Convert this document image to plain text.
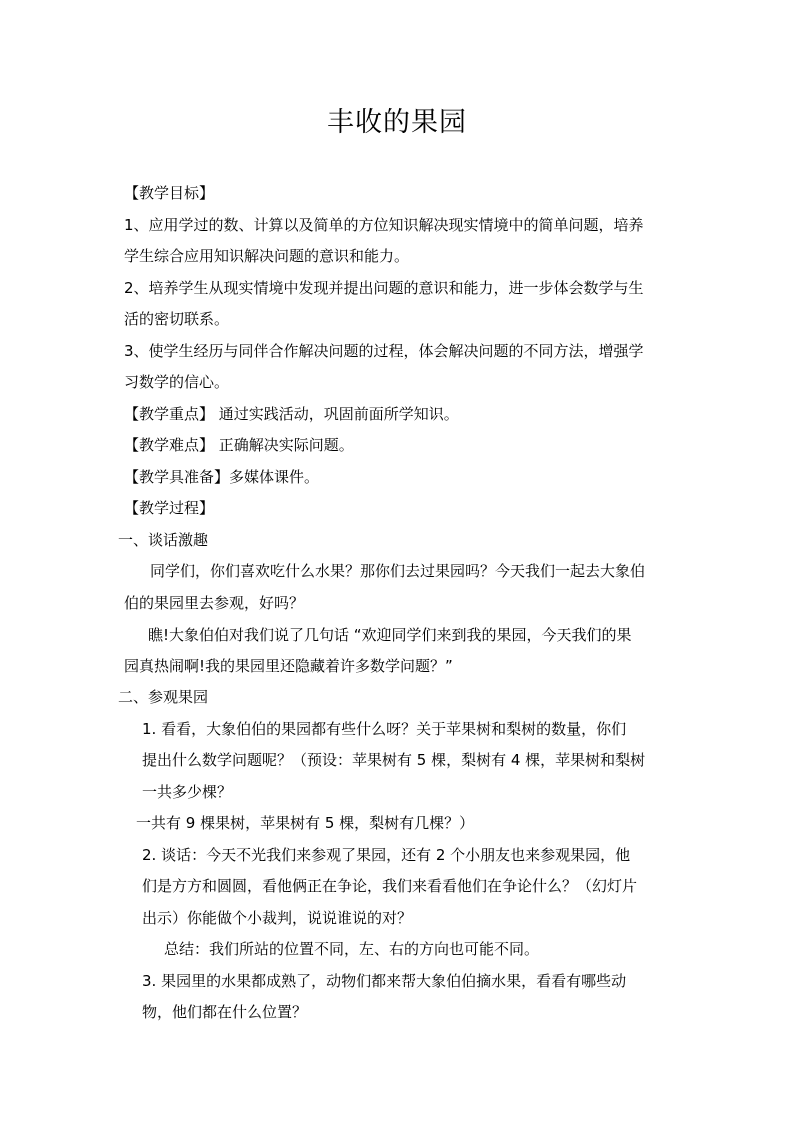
丰收的果园
【教学目标】
1、应用学过的数、计算以及简单的方位知识解决现实情境中的简单问题，培养
学生综合应用知识解决问题的意识和能力。
2、培养学生从现实情境中发现并提出问题的意识和能力，进一步体会数学与生
活的密切联系。
3、使学生经历与同伴合作解决问题的过程，体会解决问题的不同方法，增强学
习数学的信心。
【教学重点】 通过实践活动，巩固前面所学知识。
【教学难点】 正确解决实际问题。
【教学具准备】多媒体课件。
【教学过程】
一、谈话激趣
同学们，你们喜欢吃什么水果？那你们去过果园吗？今天我们一起去大象伯
伯的果园里去参观，好吗？
瞧!大象伯伯对我们说了几句话 “欢迎同学们来到我的果园，今天我们的果
园真热闹啊!我的果园里还隐藏着许多数学问题？”
二、参观果园
1. 看看，大象伯伯的果园都有些什么呀？关于苹果树和梨树的数量，你们
提出什么数学问题呢？（预设：苹果树有 5 棵，梨树有 4 棵，苹果树和梨树
一共多少棵？
一共有 9 棵果树，苹果树有 5 棵，梨树有几棵？）
2. 谈话：今天不光我们来参观了果园，还有 2 个小朋友也来参观果园，他
们是方方和圆圆，看他俩正在争论，我们来看看他们在争论什么？（幻灯片
出示）你能做个小裁判，说说谁说的对？
总结：我们所站的位置不同，左、右的方向也可能不同。
3. 果园里的水果都成熟了，动物们都来帮大象伯伯摘水果，看看有哪些动
物，他们都在什么位置？
